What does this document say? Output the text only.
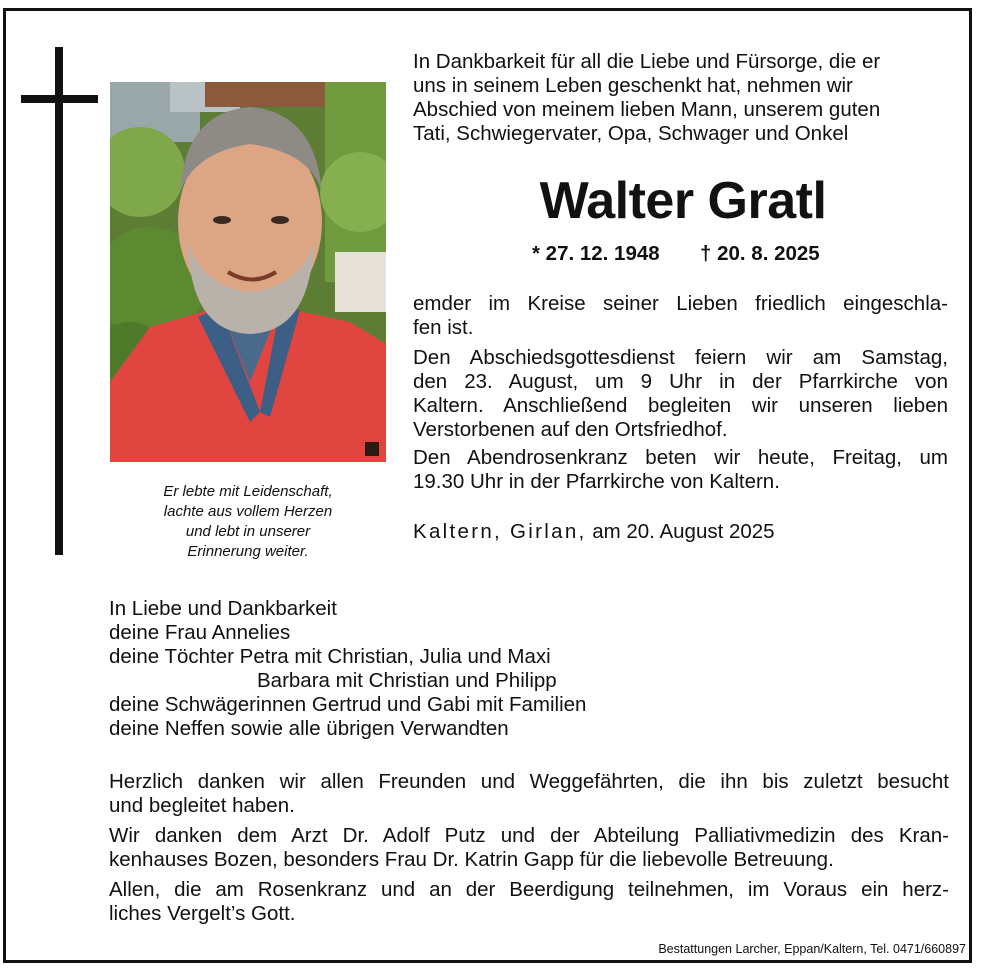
Er lebte mit Leidenschaft,
lachte aus vollem Herzen
und lebt in unserer
Erinnerung weiter.
In Dankbarkeit für all die Liebe und Fürsorge, die er
uns in seinem Leben geschenkt hat, nehmen wir
Abschied von meinem lieben Mann, unserem guten
Tati, Schwiegervater, Opa, Schwager und Onkel
Walter Gratl
* 27. 12. 1948 † 20. 8. 2025
emder im Kreise seiner Lieben friedlich eingeschla-
fen ist.
Den Abschiedsgottesdienst feiern wir am Samstag,
den 23. August, um 9 Uhr in der Pfarrkirche von
Kaltern. Anschließend begleiten wir unseren lieben
Verstorbenen auf den Ortsfriedhof.
Den Abendrosenkranz beten wir heute, Freitag, um
19.30 Uhr in der Pfarrkirche von Kaltern.
Kaltern, Girlan, am 20. August 2025
In Liebe und Dankbarkeit
deine Frau Annelies
deine Töchter Petra mit Christian, Julia und Maxi
Barbara mit Christian und Philipp
deine Schwägerinnen Gertrud und Gabi mit Familien
deine Neffen sowie alle übrigen Verwandten
Herzlich danken wir allen Freunden und Weggefährten, die ihn bis zuletzt besucht
und begleitet haben.
Wir danken dem Arzt Dr. Adolf Putz und der Abteilung Palliativmedizin des Kran-
kenhauses Bozen, besonders Frau Dr. Katrin Gapp für die liebevolle Betreuung.
Allen, die am Rosenkranz und an der Beerdigung teilnehmen, im Voraus ein herz-
liches Vergelt’s Gott.
Bestattungen Larcher, Eppan/Kaltern, Tel. 0471/660897
